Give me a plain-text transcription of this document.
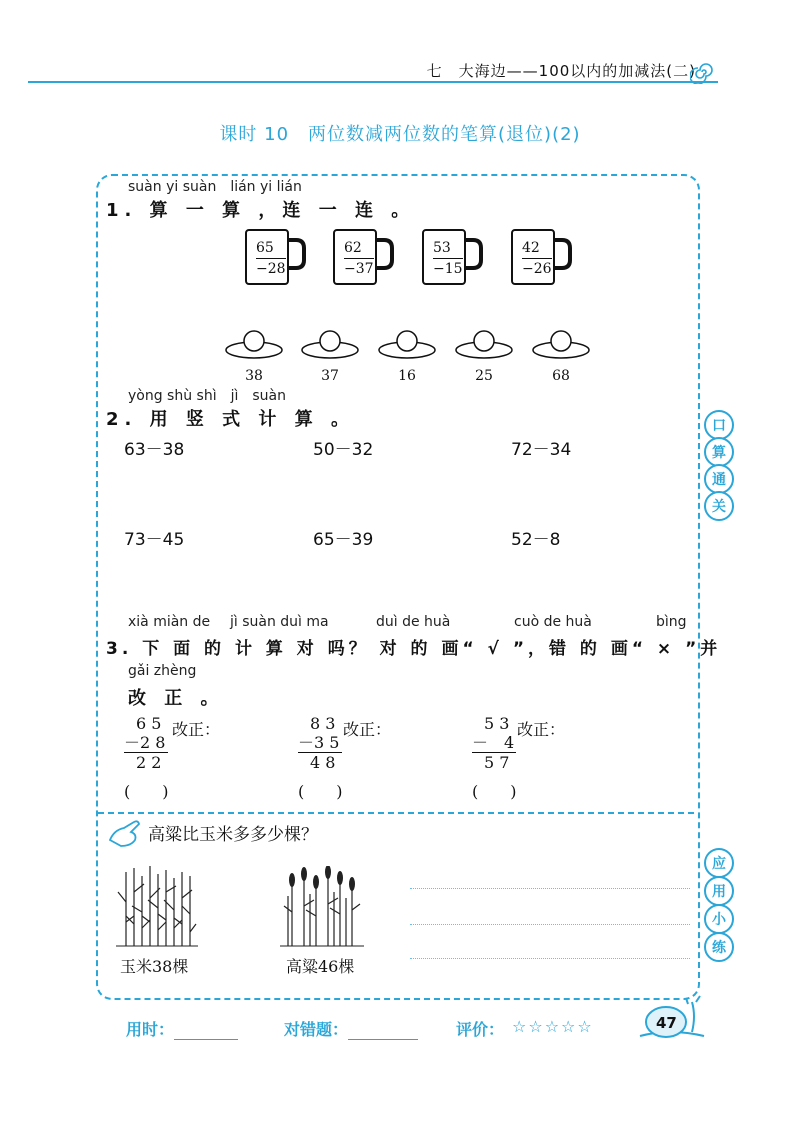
七　大海边——100以内的加减法(二)
课时 10　两位数减两位数的笔算(退位)(2)
suàn yi suàn　lián yi lián
1. 算 一 算 ，连 一 连 。
65
−28
62
−37
53
−15
42
−26
38	37	16	25	68
yòng shù shì　jì　suàn
2. 用 竖 式 计 算 。
63－38	50－32	72－34
73－45	65－39	52－8
xià miàn de jì suàn duì ma	duì de huà	cuò de huà	bìng
3. 下 面 的 计 算 对 吗？ 对 的 画“ √ ”，错 的 画“ × ”并
gǎi zhèng
改 正 。
6 5
－2 8
2 2
(　　)
改正：	8 3
－3 5
4 8
(　　)
改正：	5 3
－　4
5 7
(　　)
改正：
高粱比玉米多多少棵？
玉米38棵	高粱46棵
口
算
通
关
应
用
小
练
用时：	对错题：	评价： ☆☆☆☆☆	47
